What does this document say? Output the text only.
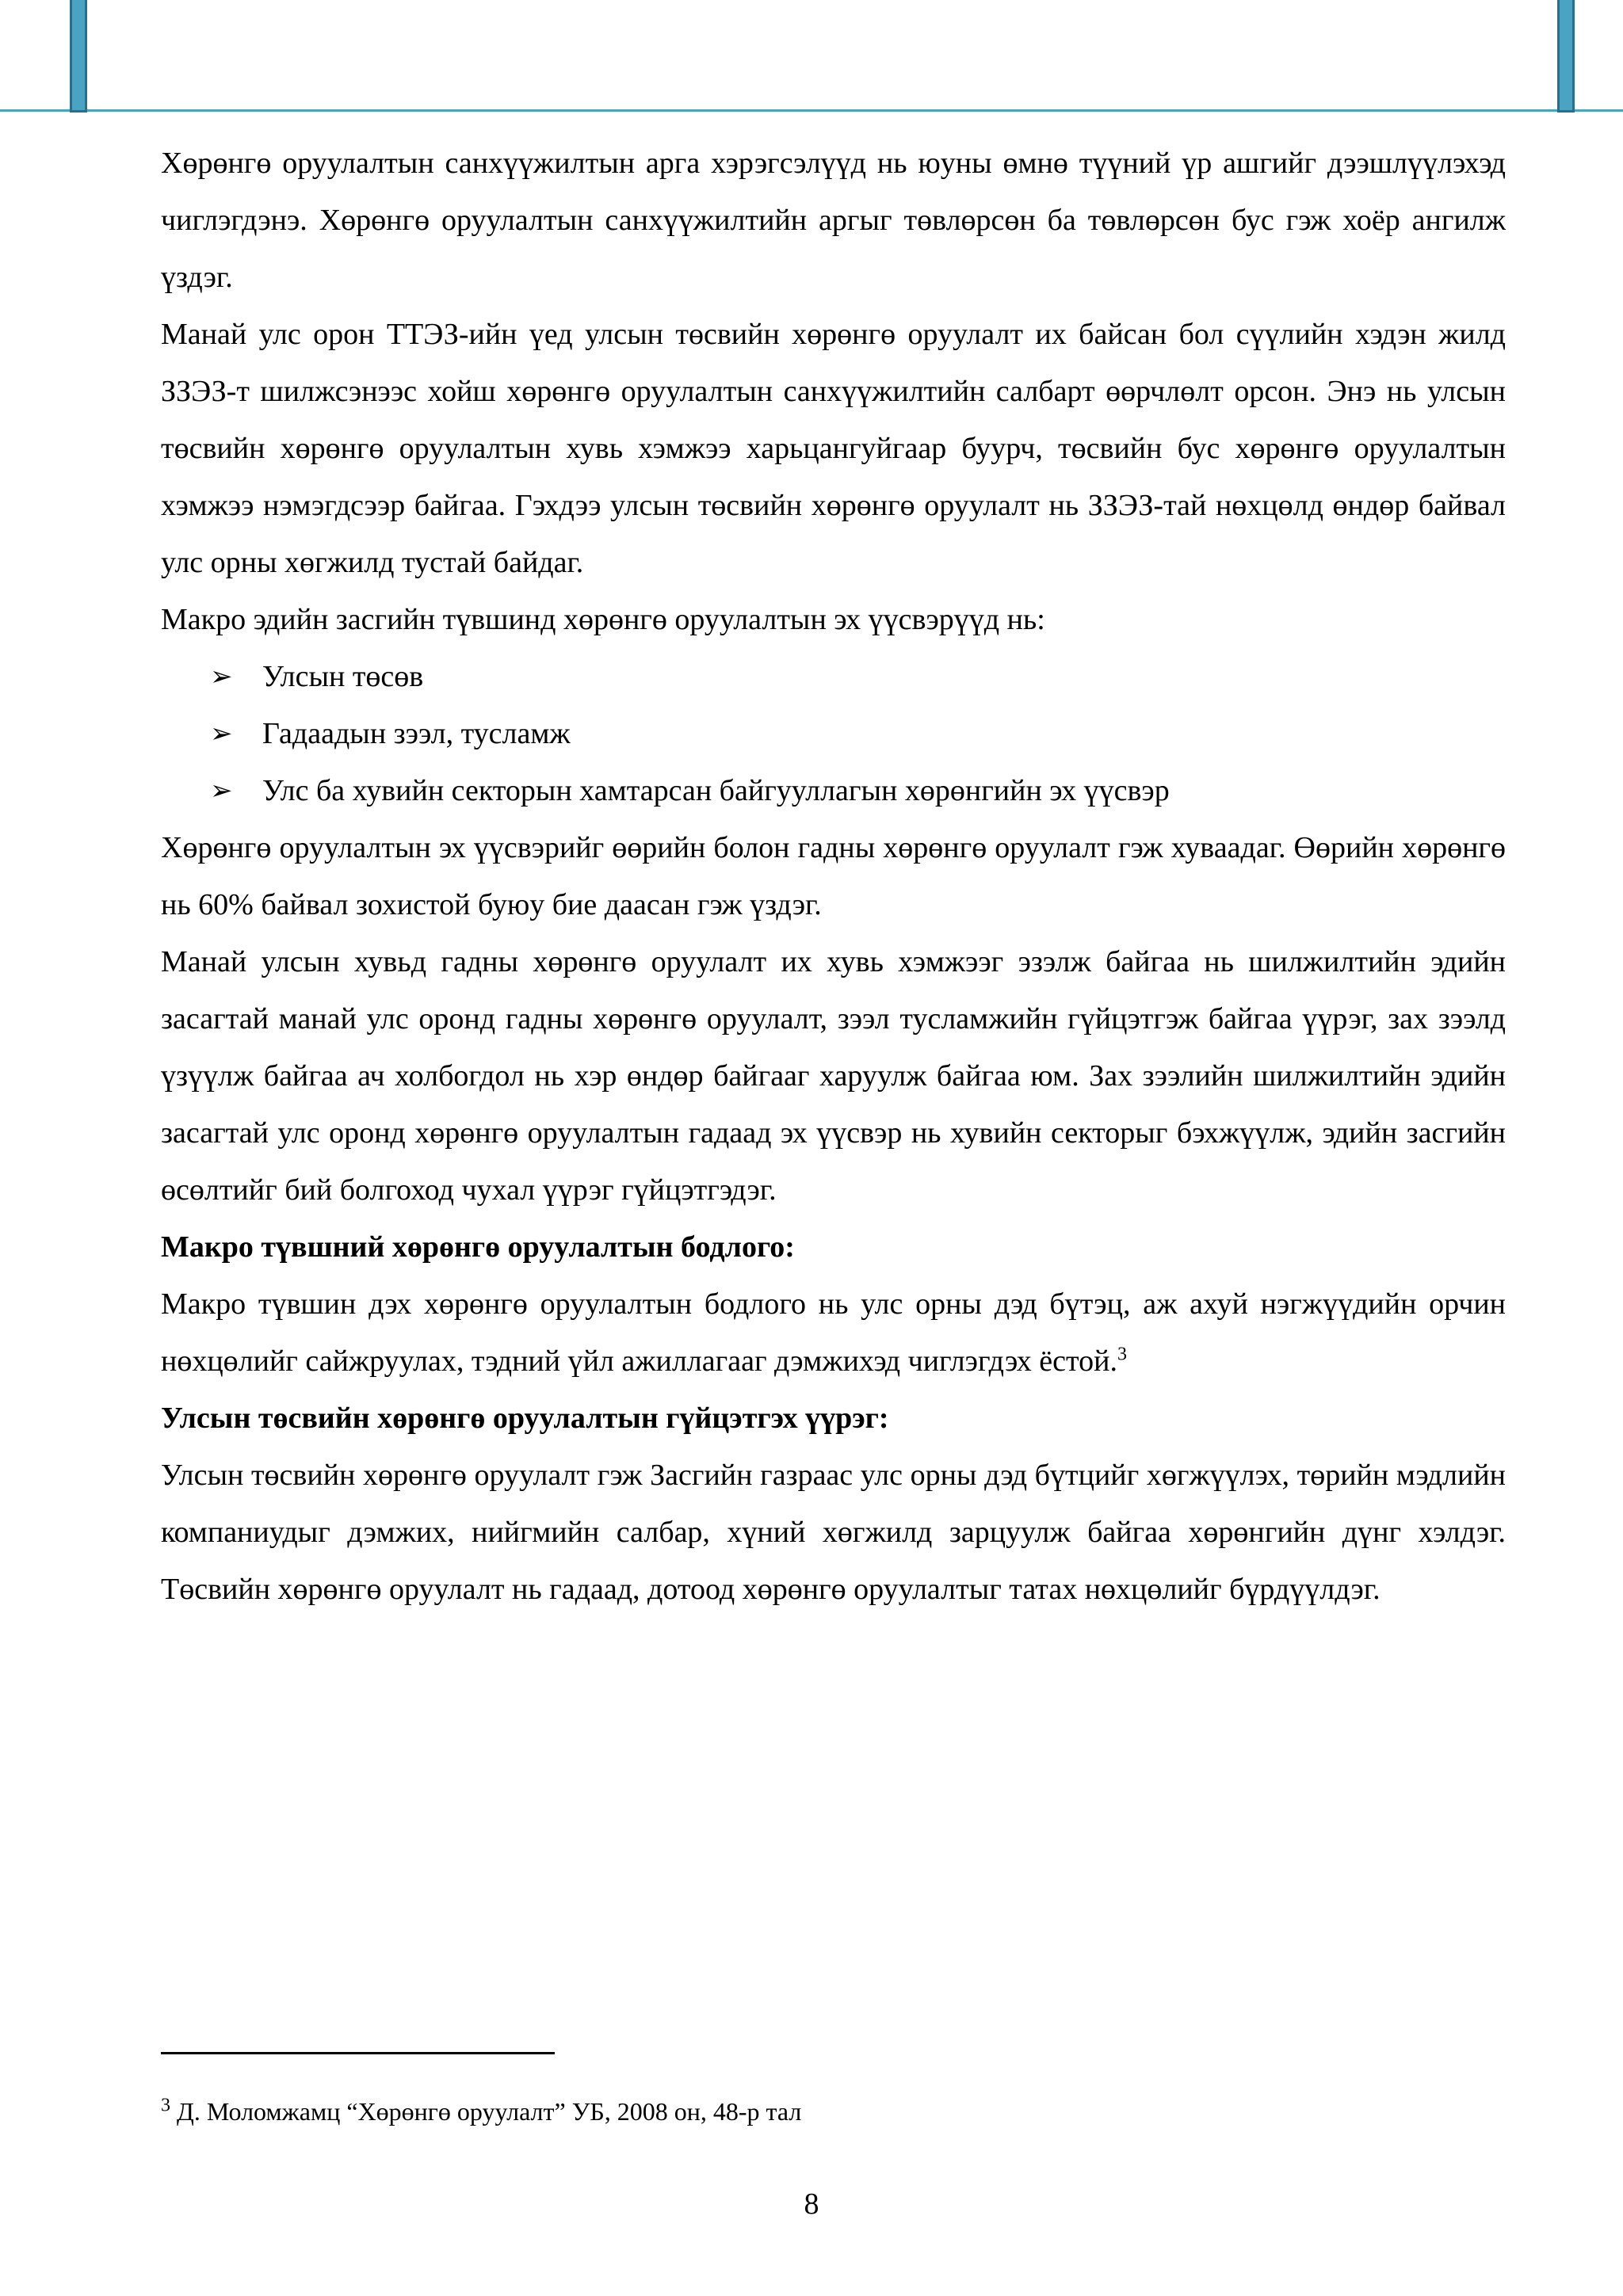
Хөрөнгө оруулалтын санхүүжилтын арга хэрэгсэлүүд нь юуны өмнө түүний үр ашгийг дээшлүүлэхэд чиглэгдэнэ. Хөрөнгө оруулалтын санхүүжилтийн аргыг төвлөрсөн ба төвлөрсөн бус гэж хоёр ангилж үздэг.

Манай улс орон ТТЭЗ-ийн үед улсын төсвийн хөрөнгө оруулалт их байсан бол сүүлийн хэдэн жилд ЗЗЭЗ-т шилжсэнээс хойш хөрөнгө оруулалтын санхүүжилтийн салбарт өөрчлөлт орсон. Энэ нь улсын төсвийн хөрөнгө оруулалтын хувь хэмжээ харьцангуйгаар буурч, төсвийн бус хөрөнгө оруулалтын хэмжээ нэмэгдсээр байгаа. Гэхдээ улсын төсвийн хөрөнгө оруулалт нь ЗЗЭЗ-тай нөхцөлд өндөр байвал улс орны хөгжилд тустай байдаг.

Макро эдийн засгийн түвшинд хөрөнгө оруулалтын эх үүсвэрүүд нь:

➢ Улсын төсөв
➢ Гадаадын зээл, тусламж
➢ Улс ба хувийн секторын хамтарсан байгууллагын хөрөнгийн эх үүсвэр

Хөрөнгө оруулалтын эх үүсвэрийг өөрийн болон гадны хөрөнгө оруулалт гэж хуваадаг. Өөрийн хөрөнгө нь 60% байвал зохистой буюу бие даасан гэж үздэг.

Манай улсын хувьд гадны хөрөнгө оруулалт их хувь хэмжээг эзэлж байгаа нь шилжилтийн эдийн засагтай манай улс оронд гадны хөрөнгө оруулалт, зээл тусламжийн гүйцэтгэж байгаа үүрэг, зах зээлд үзүүлж байгаа ач холбогдол нь хэр өндөр байгааг харуулж байгаа юм. Зах зээлийн шилжилтийн эдийн засагтай улс оронд хөрөнгө оруулалтын гадаад эх үүсвэр нь хувийн секторыг бэхжүүлж, эдийн засгийн өсөлтийг бий болгоход чухал үүрэг гүйцэтгэдэг.

Макро түвшний хөрөнгө оруулалтын бодлого:

Макро түвшин дэх хөрөнгө оруулалтын бодлого нь улс орны дэд бүтэц, аж ахуй нэгжүүдийн орчин нөхцөлийг сайжруулах, тэдний үйл ажиллагааг дэмжихэд чиглэгдэх ёстой.$^3$

Улсын төсвийн хөрөнгө оруулалтын гүйцэтгэх үүрэг:

Улсын төсвийн хөрөнгө оруулалт гэж Засгийн газраас улс орны дэд бүтцийг хөгжүүлэх, төрийн мэдлийн компаниудыг дэмжих, нийгмийн салбар, хүний хөгжилд зарцуулж байгаа хөрөнгийн дүнг хэлдэг. Төсвийн хөрөнгө оруулалт нь гадаад, дотоод хөрөнгө оруулалтыг татах нөхцөлийг бүрдүүлдэг.

$^3$ Д. Моломжамц “Хөрөнгө оруулалт” УБ, 2008 он, 48-р тал
8
